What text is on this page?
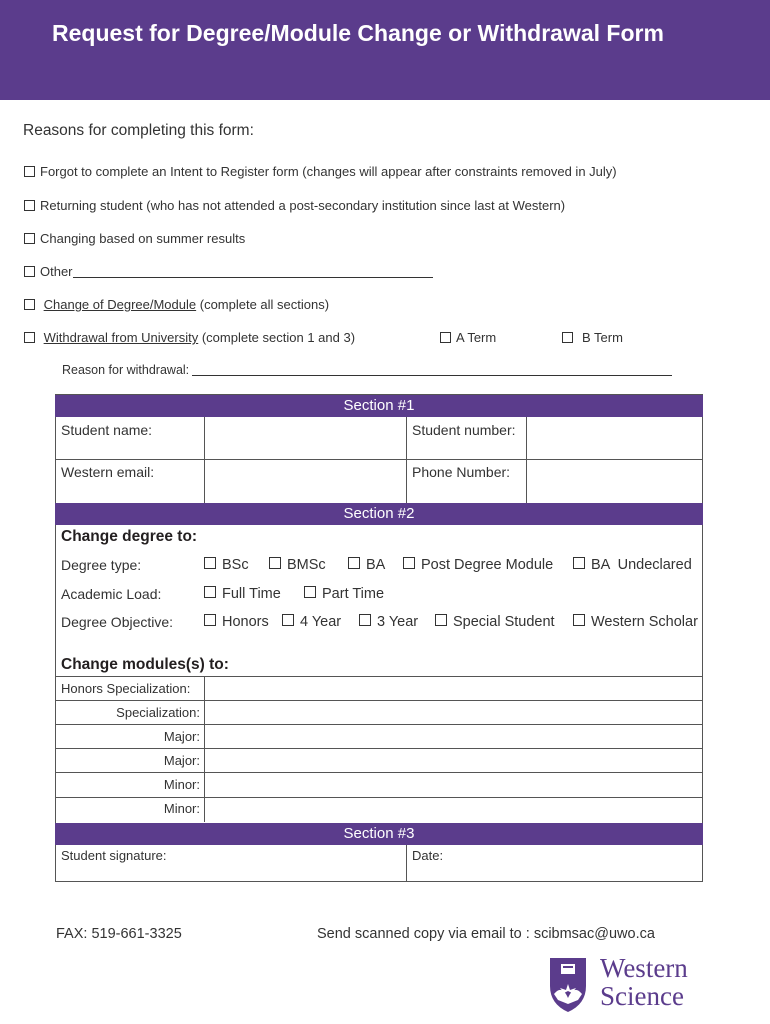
Request for Degree/Module Change or Withdrawal Form
Reasons for completing this form:
Forgot to complete an Intent to Register form (changes will appear after constraints removed in July)
Returning student (who has not attended a post-secondary institution since last at Western)
Changing based on summer results
Other
Change of Degree/Module (complete all sections)
Withdrawal from University (complete section 1 and 3)	A Term	B Term
Reason for withdrawal:
Section #1
Student name:	Student number:
Western email:	Phone Number:
Section #2
Change degree to:
Degree type:	BSc	BMSc	BA	Post Degree Module	BA  Undeclared
Academic Load:	Full Time	Part Time
Degree Objective:	Honors	4 Year	3 Year	Special Student	Western Scholar
Change modules(s) to:
Honors Specialization:
Specialization:
Major:
Major:
Minor:
Minor:
Section #3
Student signature:	Date:
FAX: 519-661-3325	Send scanned copy via email to : scibmsac@uwo.ca
Western
Science
